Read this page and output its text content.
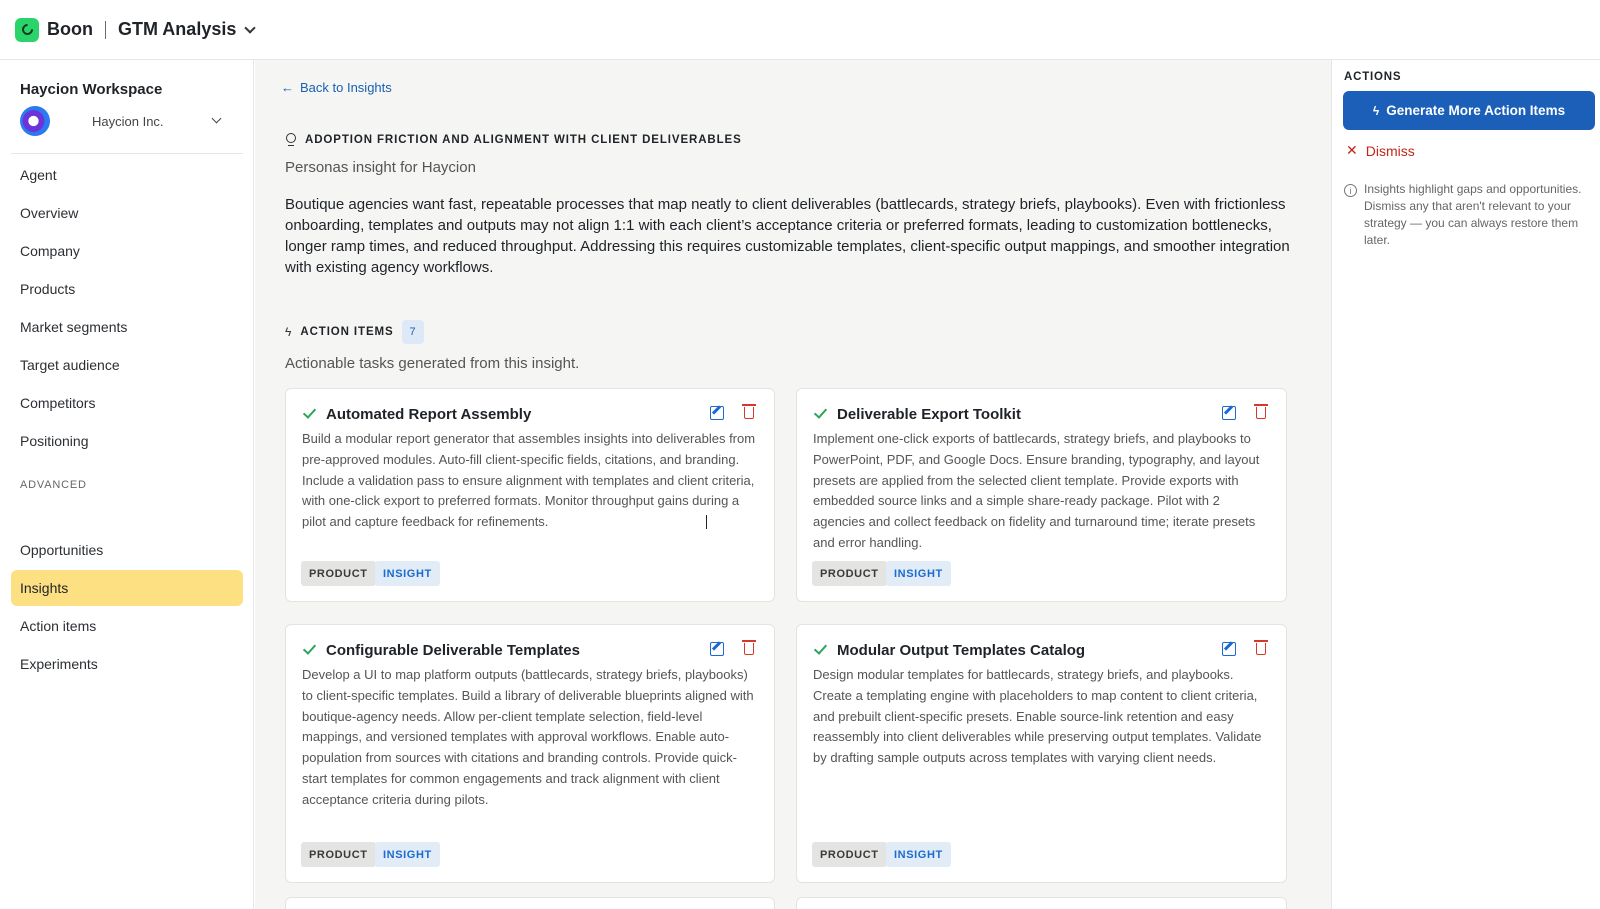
Boon GTM Analysis
Haycion Workspace
Haycion Inc.
Agent
Overview
Company
Products
Market segments
Target audience
Competitors
Positioning
ADVANCED
Opportunities
Insights
Action items
Experiments
← Back to Insights
ADOPTION FRICTION AND ALIGNMENT WITH CLIENT DELIVERABLES
Personas insight for Haycion
Boutique agencies want fast, repeatable processes that map neatly to client deliverables (battlecards, strategy briefs, playbooks). Even with frictionless onboarding, templates and outputs may not align 1:1 with each client’s acceptance criteria or preferred formats, leading to customization bottlenecks, longer ramp times, and reduced throughput. Addressing this requires customizable templates, client-specific output mappings, and smoother integration with existing agency workflows.
ϟ ACTION ITEMS	7
Actionable tasks generated from this insight.
Automated Report Assembly
Build a modular report generator that assembles insights into deliverables from pre-approved modules. Auto-fill client-specific fields, citations, and branding. Include a validation pass to ensure alignment with templates and client criteria, with one-click export to preferred formats. Monitor throughput gains during a pilot and capture feedback for refinements.
PRODUCT	INSIGHT
Deliverable Export Toolkit
Implement one-click exports of battlecards, strategy briefs, and playbooks to PowerPoint, PDF, and Google Docs. Ensure branding, typography, and layout presets are applied from the selected client template. Provide exports with embedded source links and a simple share-ready package. Pilot with 2 agencies and collect feedback on fidelity and turnaround time; iterate presets and error handling.
PRODUCT	INSIGHT
Configurable Deliverable Templates
Develop a UI to map platform outputs (battlecards, strategy briefs, playbooks) to client-specific templates. Build a library of deliverable blueprints aligned with boutique-agency needs. Allow per-client template selection, field-level mappings, and versioned templates with approval workflows. Enable auto-population from sources with citations and branding controls. Provide quick-start templates for common engagements and track alignment with client acceptance criteria during pilots.
PRODUCT	INSIGHT
Modular Output Templates Catalog
Design modular templates for battlecards, strategy briefs, and playbooks. Create a templating engine with placeholders to map content to client criteria, and prebuilt client-specific presets. Enable source-link retention and easy reassembly into client deliverables while preserving output templates. Validate by drafting sample outputs across templates with varying client needs.
PRODUCT	INSIGHT
ACTIONS
ϟ Generate More Action Items
✕ Dismiss
i	Insights highlight gaps and opportunities. Dismiss any that aren't relevant to your strategy — you can always restore them later.
